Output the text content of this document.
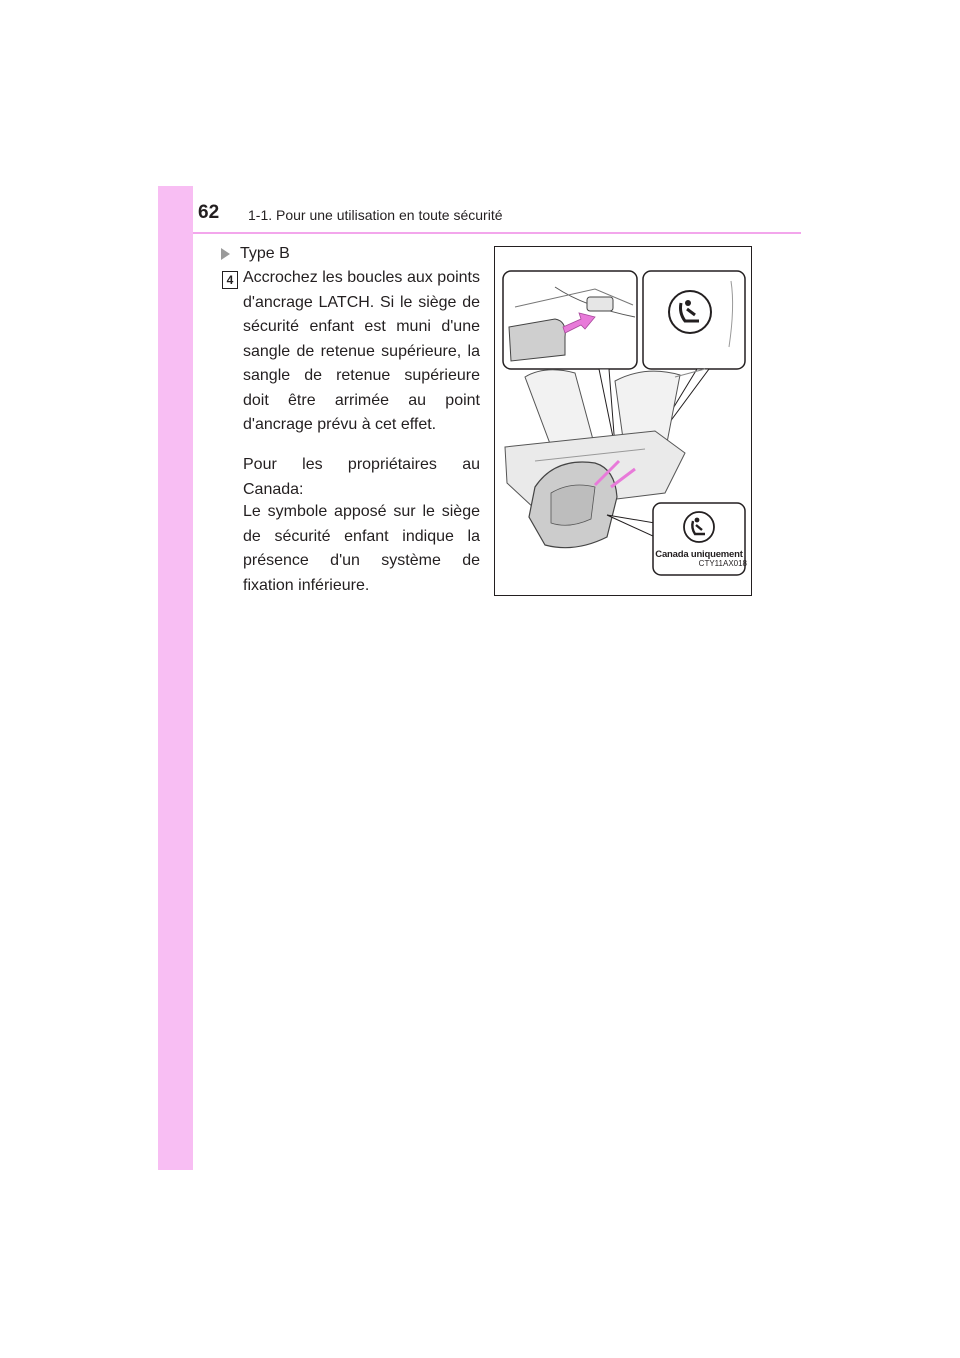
62 1-1. Pour une utilisation en toute sécurité
Type B
4 Accrochez les boucles aux points d'ancrage LATCH. Si le siège de sécurité enfant est muni d'une sangle de retenue supérieure, la sangle de retenue supérieure doit être arrimée au point d'ancrage prévu à cet effet.
Pour les propriétaires au Canada:
Le symbole apposé sur le siège de sécurité enfant indique la présence d'un système de fixation inférieure.
Canada uniquement
CTY11AX018
